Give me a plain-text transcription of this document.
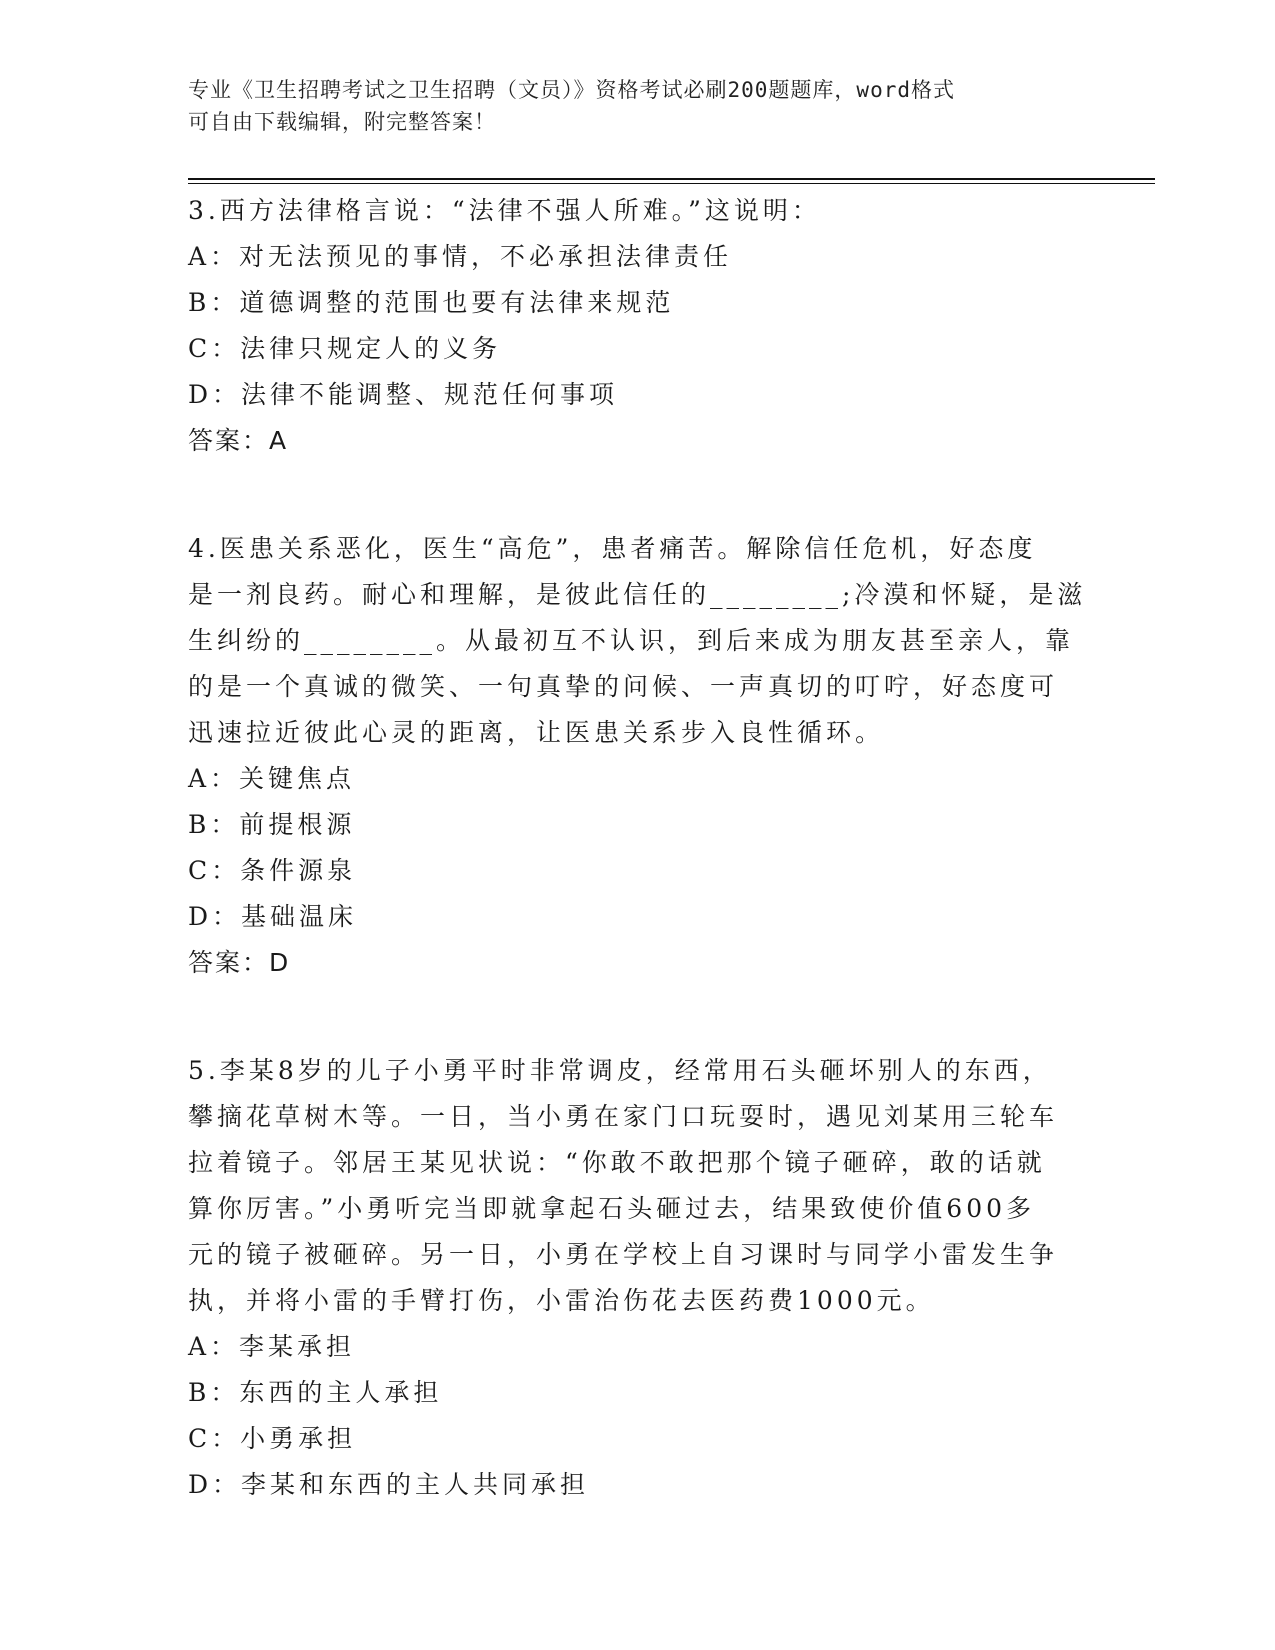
专业《卫生招聘考试之卫生招聘（文员）》资格考试必刷200题题库，word格式
可自由下载编辑，附完整答案！
3.西方法律格言说：“法律不强人所难。”这说明：
A：对无法预见的事情，不必承担法律责任
B：道德调整的范围也要有法律来规范
C：法律只规定人的义务
D：法律不能调整、规范任何事项
答案：A
4.医患关系恶化，医生“高危”，患者痛苦。解除信任危机，好态度
是一剂良药。耐心和理解，是彼此信任的________;冷漠和怀疑，是滋
生纠纷的________。从最初互不认识，到后来成为朋友甚至亲人，靠
的是一个真诚的微笑、一句真挚的问候、一声真切的叮咛，好态度可
迅速拉近彼此心灵的距离，让医患关系步入良性循环。
A：关键焦点
B：前提根源
C：条件源泉
D：基础温床
答案：D
5.李某8岁的儿子小勇平时非常调皮，经常用石头砸坏别人的东西，
攀摘花草树木等。一日，当小勇在家门口玩耍时，遇见刘某用三轮车
拉着镜子。邻居王某见状说：“你敢不敢把那个镜子砸碎，敢的话就
算你厉害。”小勇听完当即就拿起石头砸过去，结果致使价值600多
元的镜子被砸碎。另一日，小勇在学校上自习课时与同学小雷发生争
执，并将小雷的手臂打伤，小雷治伤花去医药费1000元。
A：李某承担
B：东西的主人承担
C：小勇承担
D：李某和东西的主人共同承担
